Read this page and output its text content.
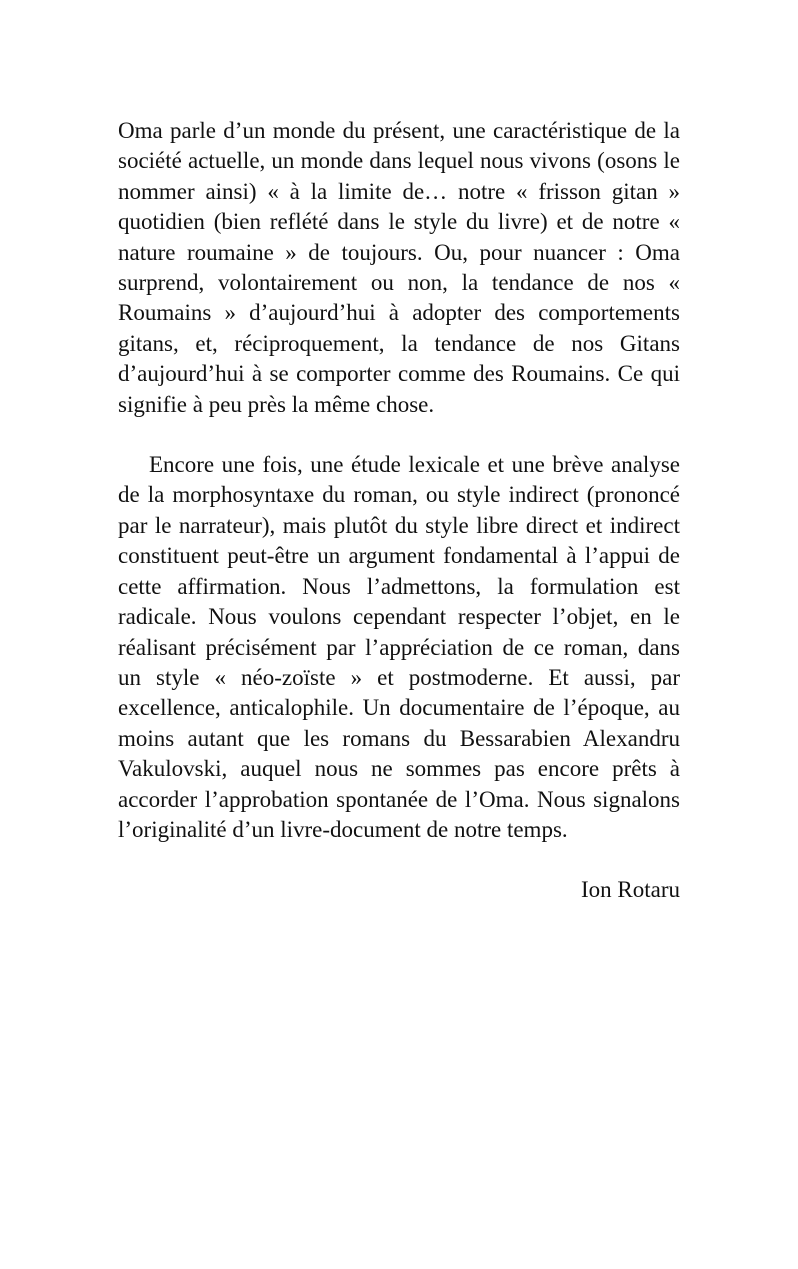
Oma parle d’un monde du présent, une caractéristique de la société actuelle, un monde dans lequel nous vivons (osons le nommer ainsi) « à la limite de… notre « frisson gitan » quotidien (bien reflété dans le style du livre) et de notre « nature roumaine » de toujours. Ou, pour nuancer : Oma surprend, volontairement ou non, la tendance de nos « Roumains » d’aujourd’hui à adopter des comportements gitans, et, réciproquement, la tendance de nos Gitans d’aujourd’hui à se comporter comme des Roumains. Ce qui signifie à peu près la même chose.

Encore une fois, une étude lexicale et une brève analyse de la morphosyntaxe du roman, ou style indirect (prononcé par le narrateur), mais plutôt du style libre direct et indirect constituent peut-être un argument fondamental à l’appui de cette affirmation. Nous l’admettons, la formulation est radicale. Nous voulons cependant respecter l’objet, en le réalisant précisément par l’appréciation de ce roman, dans un style « néo-zoïste » et postmoderne. Et aussi, par excellence, anticalophile. Un documentaire de l’époque, au moins autant que les romans du Bessarabien Alexandru Vakulovski, auquel nous ne sommes pas encore prêts à accorder l’approbation spontanée de l’Oma. Nous signalons l’originalité d’un livre-document de notre temps.

Ion Rotaru
